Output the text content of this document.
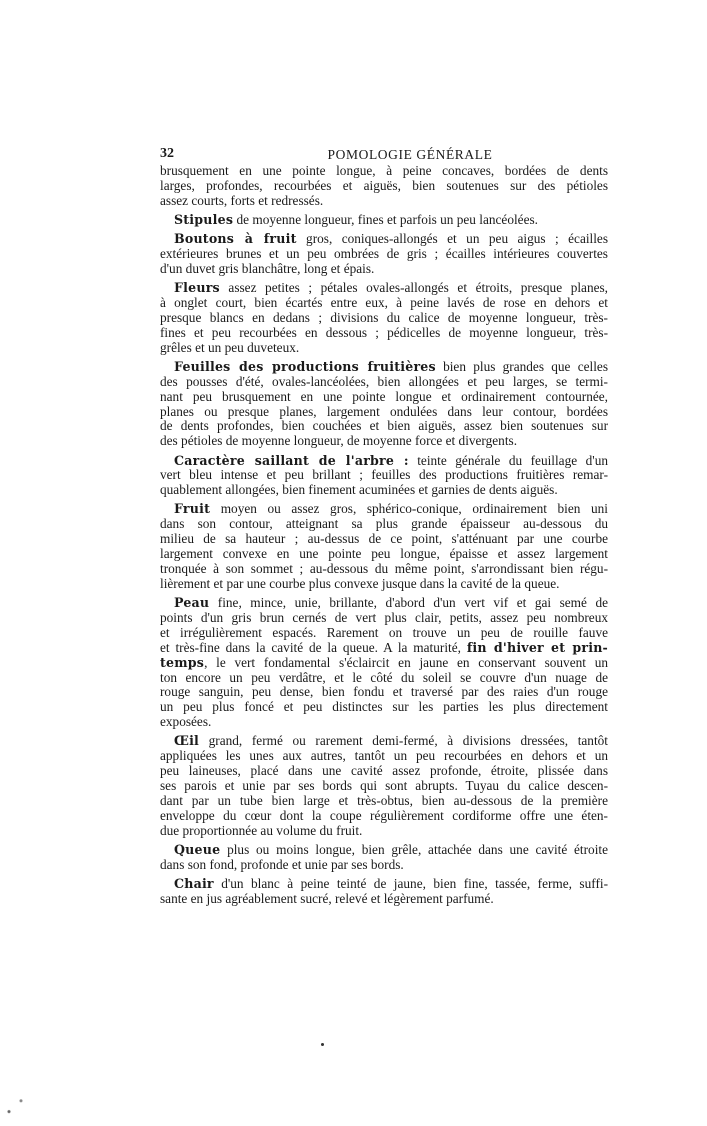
32	POMOLOGIE GÉNÉRALE
brusquement en une pointe longue, à peine concaves, bordées de dents
larges, profondes, recourbées et aiguës, bien soutenues sur des pétioles
assez courts, forts et redressés.
Stipules de moyenne longueur, fines et parfois un peu lancéolées.
Boutons à fruit gros, coniques-allongés et un peu aigus ; écailles
extérieures brunes et un peu ombrées de gris ; écailles intérieures couvertes
d'un duvet gris blanchâtre, long et épais.
Fleurs assez petites ; pétales ovales-allongés et étroits, presque planes,
à onglet court, bien écartés entre eux, à peine lavés de rose en dehors et
presque blancs en dedans ; divisions du calice de moyenne longueur, très-
fines et peu recourbées en dessous ; pédicelles de moyenne longueur, très-
grêles et un peu duveteux.
Feuilles des productions fruitières bien plus grandes que celles
des pousses d'été, ovales-lancéolées, bien allongées et peu larges, se termi-
nant peu brusquement en une pointe longue et ordinairement contournée,
planes ou presque planes, largement ondulées dans leur contour, bordées
de dents profondes, bien couchées et bien aiguës, assez bien soutenues sur
des pétioles de moyenne longueur, de moyenne force et divergents.
Caractère saillant de l'arbre : teinte générale du feuillage d'un
vert bleu intense et peu brillant ; feuilles des productions fruitières remar-
quablement allongées, bien finement acuminées et garnies de dents aiguës.
Fruit moyen ou assez gros, sphérico-conique, ordinairement bien uni
dans son contour, atteignant sa plus grande épaisseur au-dessous du
milieu de sa hauteur ; au-dessus de ce point, s'atténuant par une courbe
largement convexe en une pointe peu longue, épaisse et assez largement
tronquée à son sommet ; au-dessous du même point, s'arrondissant bien régu-
lièrement et par une courbe plus convexe jusque dans la cavité de la queue.
Peau fine, mince, unie, brillante, d'abord d'un vert vif et gai semé de
points d'un gris brun cernés de vert plus clair, petits, assez peu nombreux
et irrégulièrement espacés. Rarement on trouve un peu de rouille fauve
et très-fine dans la cavité de la queue. A la maturité, fin d'hiver et prin-
temps, le vert fondamental s'éclaircit en jaune en conservant souvent un
ton encore un peu verdâtre, et le côté du soleil se couvre d'un nuage de
rouge sanguin, peu dense, bien fondu et traversé par des raies d'un rouge
un peu plus foncé et peu distinctes sur les parties les plus directement
exposées.
Œil grand, fermé ou rarement demi-fermé, à divisions dressées, tantôt
appliquées les unes aux autres, tantôt un peu recourbées en dehors et un
peu laineuses, placé dans une cavité assez profonde, étroite, plissée dans
ses parois et unie par ses bords qui sont abrupts. Tuyau du calice descen-
dant par un tube bien large et très-obtus, bien au-dessous de la première
enveloppe du cœur dont la coupe régulièrement cordiforme offre une éten-
due proportionnée au volume du fruit.
Queue plus ou moins longue, bien grêle, attachée dans une cavité étroite
dans son fond, profonde et unie par ses bords.
Chair d'un blanc à peine teinté de jaune, bien fine, tassée, ferme, suffi-
sante en jus agréablement sucré, relevé et légèrement parfumé.
